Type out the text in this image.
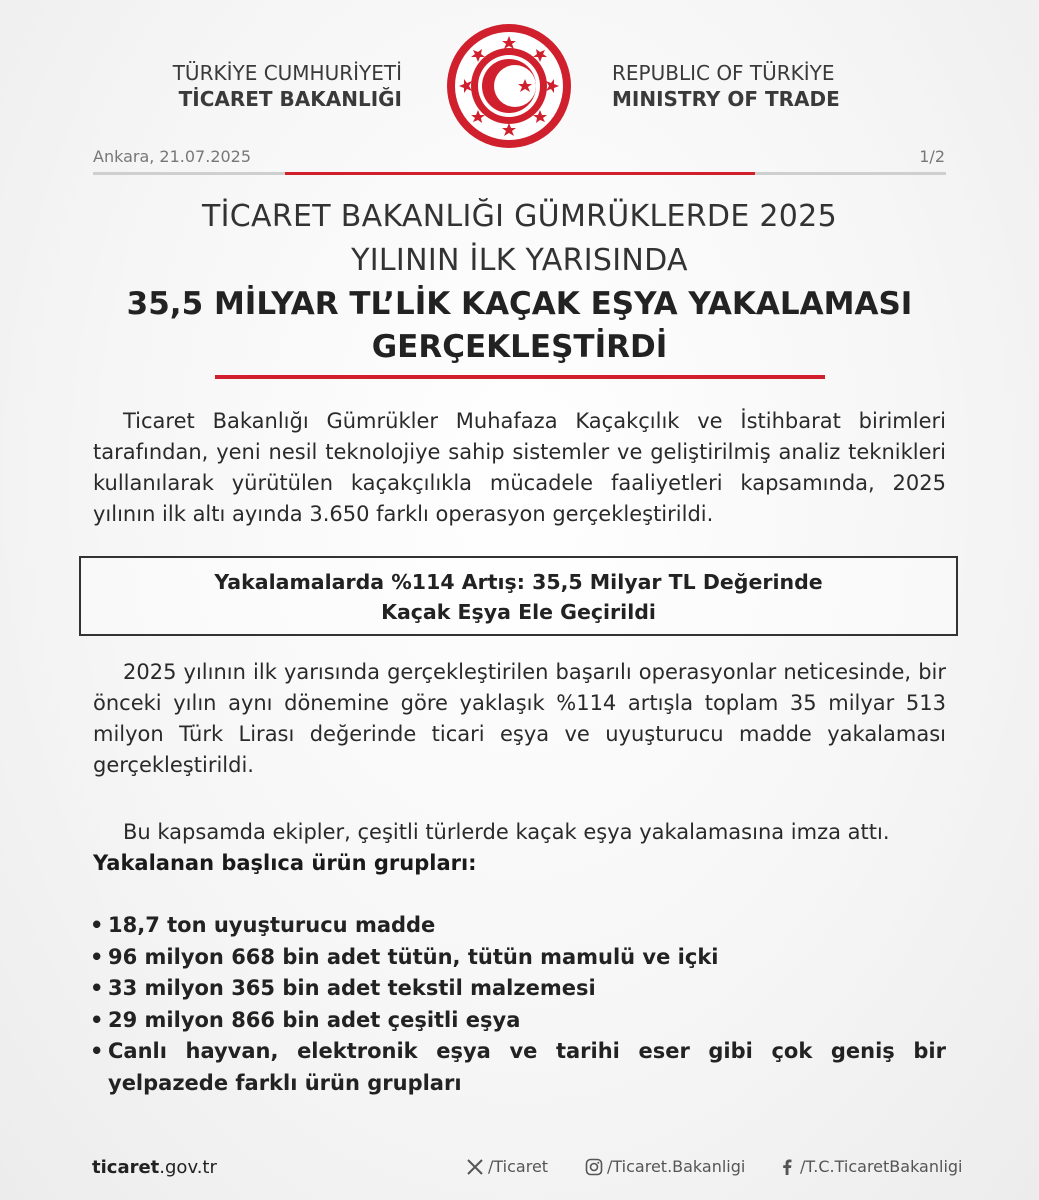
TÜRKİYE CUMHURİYETİ
TİCARET BAKANLIĞI
REPUBLIC OF TÜRKİYE
MINISTRY OF TRADE
Ankara, 21.07.2025	1/2
TİCARET BAKANLIĞI GÜMRÜKLERDE 2025
YILININ İLK YARISINDA
35,5 MİLYAR TL’LİK KAÇAK EŞYA YAKALAMASI
GERÇEKLEŞTİRDİ
Ticaret Bakanlığı Gümrükler Muhafaza Kaçakçılık ve İstihbarat birimleri tarafından, yeni nesil teknolojiye sahip sistemler ve geliştirilmiş analiz teknikleri kullanılarak yürütülen kaçakçılıkla mücadele faaliyetleri kapsamında, 2025 yılının ilk altı ayında 3.650 farklı operasyon gerçekleştirildi.
Yakalamalarda %114 Artış: 35,5 Milyar TL Değerinde
Kaçak Eşya Ele Geçirildi
2025 yılının ilk yarısında gerçekleştirilen başarılı operasyonlar neticesinde, bir önceki yılın aynı dönemine göre yaklaşık %114 artışla toplam 35 milyar 513 milyon Türk Lirası değerinde ticari eşya ve uyuşturucu madde yakalaması gerçekleştirildi.
Bu kapsamda ekipler, çeşitli türlerde kaçak eşya yakalamasına imza attı.
Yakalanan başlıca ürün grupları:
• 18,7 ton uyuşturucu madde
• 96 milyon 668 bin adet tütün, tütün mamulü ve içki
• 33 milyon 365 bin adet tekstil malzemesi
• 29 milyon 866 bin adet çeşitli eşya
• Canlı hayvan, elektronik eşya ve tarihi eser gibi çok geniş bir yelpazede farklı ürün grupları
ticaret.gov.tr	/Ticaret	/Ticaret.Bakanligi	/T.C.TicaretBakanligi
